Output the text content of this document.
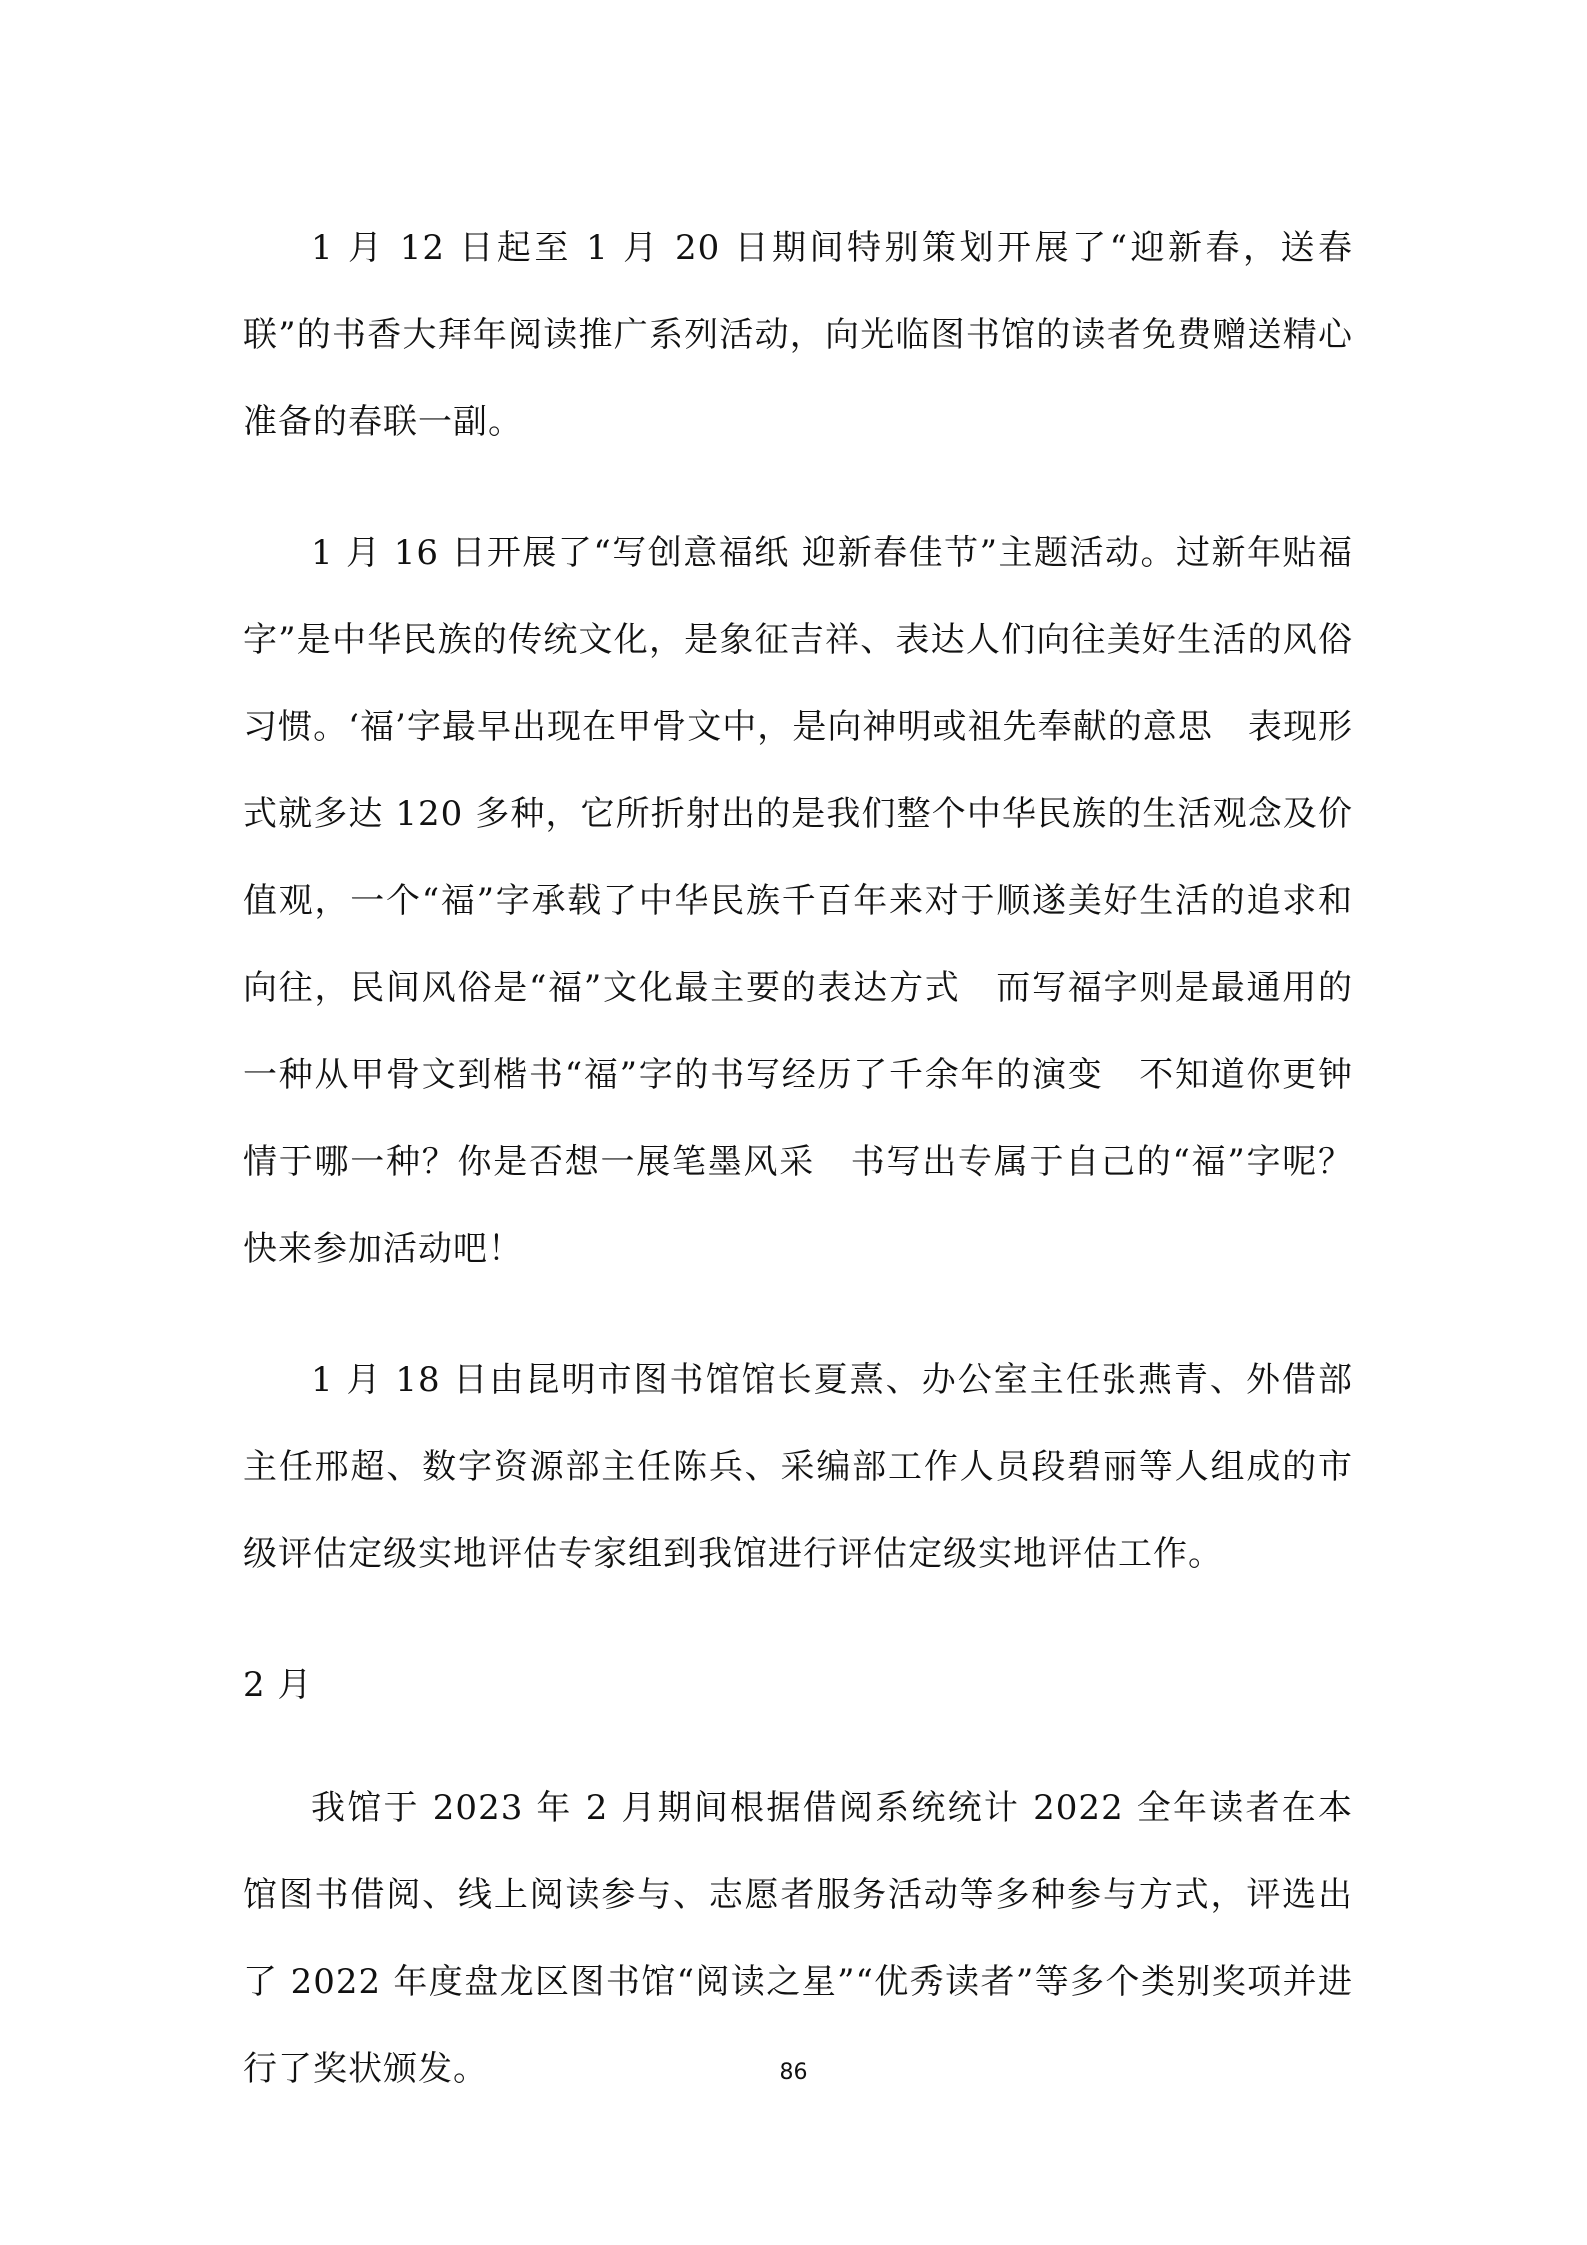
1 月 12 日起至 1 月 20 日期间特别策划开展了“迎新春，送春联”的书香大拜年阅读推广系列活动，向光临图书馆的读者免费赠送精心准备的春联一副。

1 月 16 日开展了“写创意福纸 迎新春佳节”主题活动。过新年贴福字”是中华民族的传统文化，是象征吉祥、表达人们向往美好生活的风俗习惯。‘福’字最早出现在甲骨文中，是向神明或祖先奉献的意思　表现形式就多达 120 多种，它所折射出的是我们整个中华民族的生活观念及价值观，一个“福”字承载了中华民族千百年来对于顺遂美好生活的追求和向往，民间风俗是“福”文化最主要的表达方式　而写福字则是最通用的一种从甲骨文到楷书“福”字的书写经历了千余年的演变　不知道你更钟情于哪一种？你是否想一展笔墨风采　书写出专属于自己的“福”字呢？　快来参加活动吧！

1 月 18 日由昆明市图书馆馆长夏熹、办公室主任张燕青、外借部主任邢超、数字资源部主任陈兵、采编部工作人员段碧丽等人组成的市级评估定级实地评估专家组到我馆进行评估定级实地评估工作。

2 月

我馆于 2023 年 2 月期间根据借阅系统统计 2022 全年读者在本馆图书借阅、线上阅读参与、志愿者服务活动等多种参与方式，评选出了 2022 年度盘龙区图书馆“阅读之星”“优秀读者”等多个类别奖项并进行了奖状颁发。	86
